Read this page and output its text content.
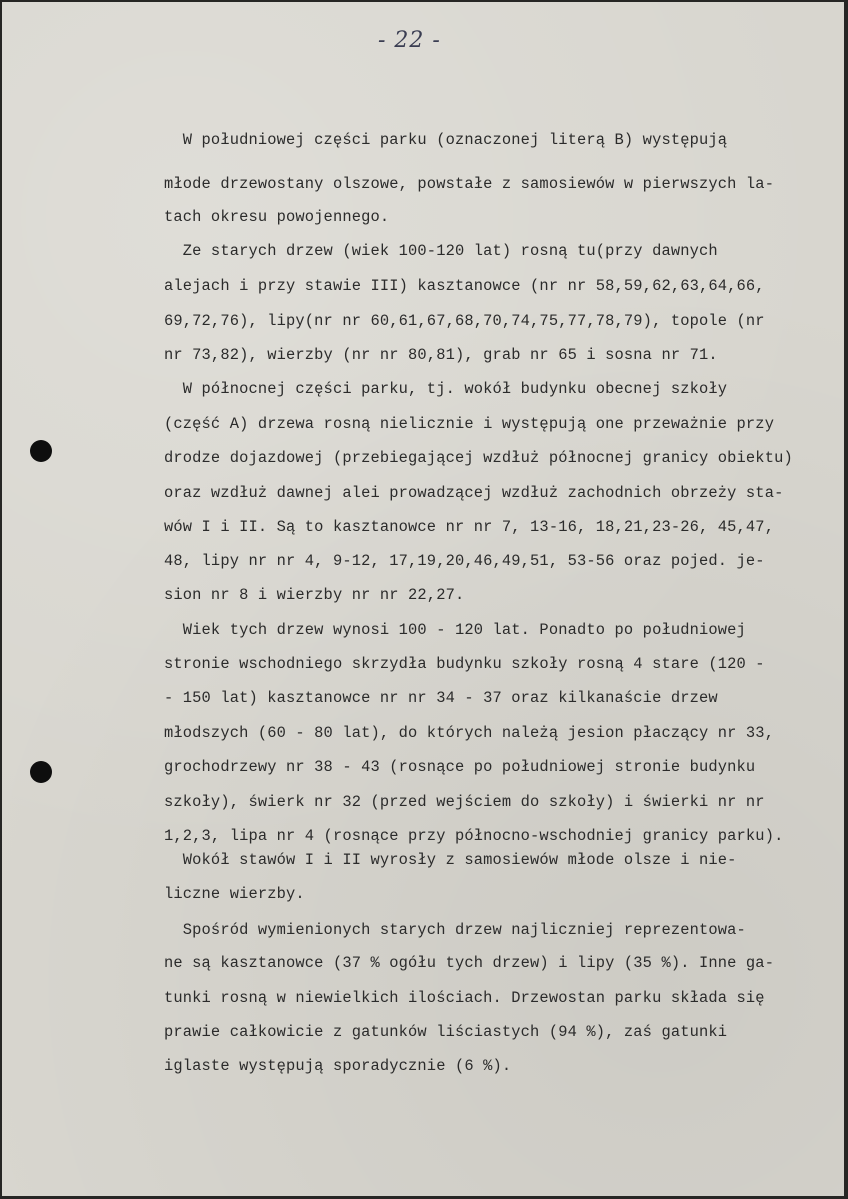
- 22 -
W południowej części parku (oznaczonej literą B) występują
młode drzewostany olszowe, powstałe z samosiewów w pierwszych la-
tach okresu powojennego.
Ze starych drzew (wiek 100-120 lat) rosną tu(przy dawnych
alejach i przy stawie III) kasztanowce (nr nr 58,59,62,63,64,66,
69,72,76), lipy(nr nr 60,61,67,68,70,74,75,77,78,79), topole (nr
nr 73,82), wierzby (nr nr 80,81), grab nr 65 i sosna nr 71.
W północnej części parku, tj. wokół budynku obecnej szkoły
(część A) drzewa rosną nielicznie i występują one przeważnie przy
drodze dojazdowej (przebiegającej wzdłuż północnej granicy obiektu)
oraz wzdłuż dawnej alei prowadzącej wzdłuż zachodnich obrzeży sta-
wów I i II. Są to kasztanowce nr nr 7, 13-16, 18,21,23-26, 45,47,
48, lipy nr nr 4, 9-12, 17,19,20,46,49,51, 53-56 oraz pojed. je-
sion nr 8 i wierzby nr nr 22,27.
Wiek tych drzew wynosi 100 - 120 lat. Ponadto po południowej
stronie wschodniego skrzydła budynku szkoły rosną 4 stare (120 -
- 150 lat) kasztanowce nr nr 34 - 37 oraz kilkanaście drzew
młodszych (60 - 80 lat), do których należą jesion płaczący nr 33,
grochodrzewy nr 38 - 43 (rosnące po południowej stronie budynku
szkoły), świerk nr 32 (przed wejściem do szkoły) i świerki nr nr
1,2,3, lipa nr 4 (rosnące przy północno-wschodniej granicy parku).
Wokół stawów I i II wyrosły z samosiewów młode olsze i nie-
liczne wierzby.
Spośród wymienionych starych drzew najliczniej reprezentowa-
ne są kasztanowce (37 % ogółu tych drzew) i lipy (35 %). Inne ga-
tunki rosną w niewielkich ilościach. Drzewostan parku składa się
prawie całkowicie z gatunków liściastych (94 %), zaś gatunki
iglaste występują sporadycznie (6 %).
